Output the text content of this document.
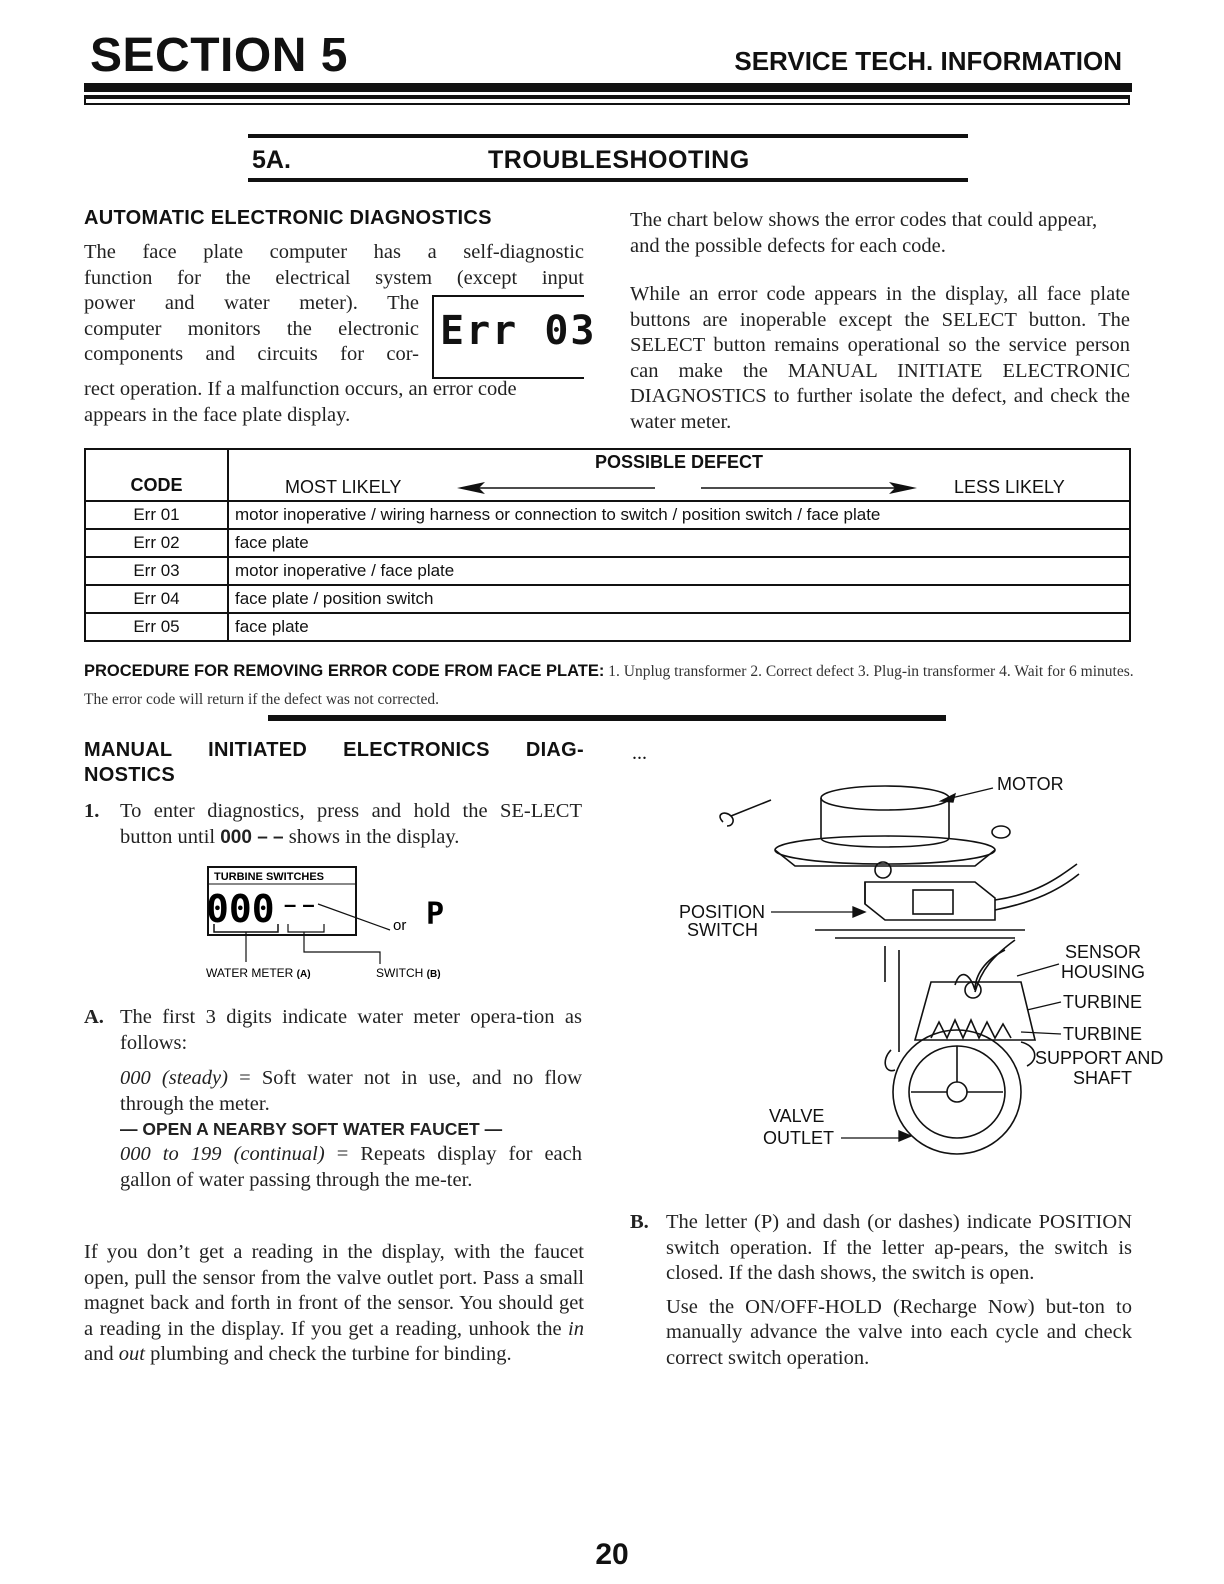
SECTION 5	SERVICE TECH. INFORMATION
5A.	TROUBLESHOOTING
AUTOMATIC ELECTRONIC DIAGNOSTICS
The face plate computer has a self-diagnostic
function for the electrical system (except input
power and water meter). The
computer monitors the electronic
components and circuits for cor- Err 03
rect operation. If a malfunction occurs, an error code appears in the face plate display.
The chart below shows the error codes that could appear, and the possible defects for each code.
While an error code appears in the display, all face plate buttons are inoperable except the SELECT button. The SELECT button remains operational so the service person can make the MANUAL INITIATE ELECTRONIC DIAGNOSTICS to further isolate the defect, and check the water meter.
CODE	POSSIBLE DEFECT
MOST LIKELY LESS LIKELY

Err 01	motor inoperative / wiring harness or connection to switch / position switch / face plate
Err 02	face plate
Err 03	motor inoperative / face plate
Err 04	face plate / position switch
Err 05	face plate
PROCEDURE FOR REMOVING ERROR CODE FROM FACE PLATE: 1. Unplug transformer 2. Correct defect 3. Plug-in transformer 4. Wait for 6 minutes. The error code will return if the defect was not corrected.
MANUAL INITIATED ELECTRONICS DIAG-
NOSTICS
...
1. To enter diagnostics, press and hold the SE-LECT button until 000 – – shows in the display.
TURBINE SWITCHES
000 – –
or P
WATER METER (A)	SWITCH (B)
A. The first 3 digits indicate water meter opera-tion as follows:
000 (steady) = Soft water not in use, and no flow through the meter.
— OPEN A NEARBY SOFT WATER FAUCET —
000 to 199 (continual) = Repeats display for each gallon of water passing through the me-ter.
If you don’t get a reading in the display, with the faucet open, pull the sensor from the valve outlet port. Pass a small magnet back and forth in front of the sensor. You should get a reading in the display. If you get a reading, unhook the in and out plumbing and check the turbine for binding.
MOTOR
POSITION
SWITCH
SENSOR
HOUSING
TURBINE
TURBINE
SUPPORT AND
SHAFT
VALVE
OUTLET
B. The letter (P) and dash (or dashes) indicate POSITION switch operation. If the letter ap-pears, the switch is closed. If the dash shows, the switch is open.
Use the ON/OFF-HOLD (Recharge Now) but-ton to manually advance the valve into each cycle and check correct switch operation.
20
